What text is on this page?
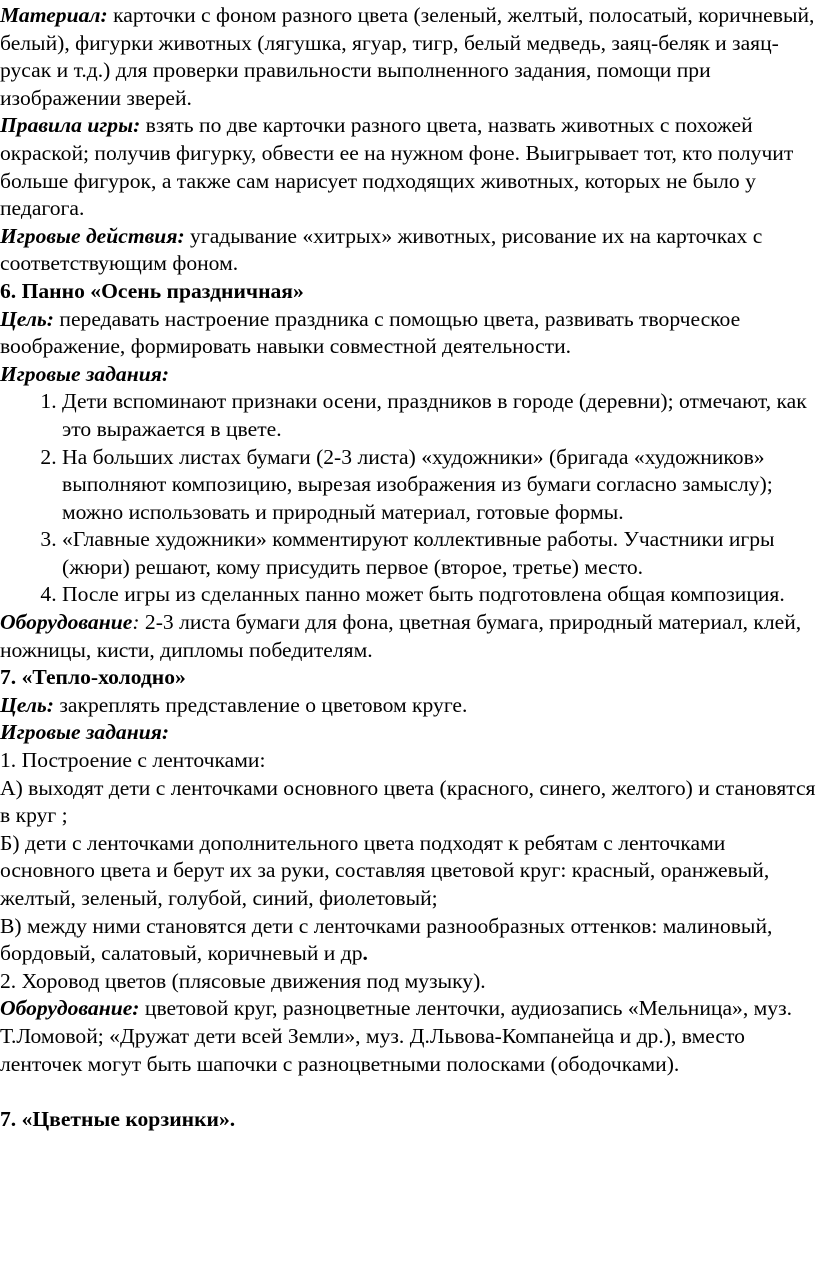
Материал: карточки с фоном разного цвета (зеленый, желтый, полосатый, коричневый, белый), фигурки животных (лягушка, ягуар, тигр, белый медведь, заяц-беляк и заяц-русак и т.д.) для проверки правильности выполненного задания, помощи при изображении зверей.

Правила игры: взять по две карточки разного цвета, назвать животных с похожей окраской; получив фигурку, обвести ее на нужном фоне. Выигрывает тот, кто получит больше фигурок, а также сам нарисует подходящих животных, которых не было у педагога.

Игровые действия: угадывание «хитрых» животных, рисование их на карточках с соответствующим фоном.

6. Панно «Осень праздничная»

Цель: передавать настроение праздника с помощью цвета, развивать творческое воображение, формировать навыки совместной деятельности.

Игровые задания:

1. Дети вспоминают признаки осени, праздников в городе (деревни); отмечают, как это выражается в цвете.
2. На больших листах бумаги (2-3 листа) «художники» (бригада «художников» выполняют композицию, вырезая изображения из бумаги согласно замыслу); можно использовать и природный материал, готовые формы.
3. «Главные художники» комментируют коллективные работы. Участники игры (жюри) решают, кому присудить первое (второе, третье) место.
4. После игры из сделанных панно может быть подготовлена общая композиция.

Оборудование: 2-3 листа бумаги для фона, цветная бумага, природный материал, клей, ножницы, кисти, дипломы победителям.

7. «Тепло-холодно»

Цель: закреплять представление о цветовом круге.

Игровые задания:

1. Построение с ленточками:

А) выходят дети с ленточками основного цвета (красного, синего, желтого) и становятся в круг ;

Б) дети с ленточками дополнительного цвета подходят к ребятам с ленточками основного цвета и берут их за руки, составляя цветовой круг: красный, оранжевый, желтый, зеленый, голубой, синий, фиолетовый;

В) между ними становятся дети с ленточками разнообразных оттенков: малиновый, бордовый, салатовый, коричневый и др.

2. Хоровод цветов (плясовые движения под музыку).

Оборудование: цветовой круг, разноцветные ленточки, аудиозапись «Мельница», муз. Т.Ломовой; «Дружат дети всей Земли», муз. Д.Львова-Компанейца и др.), вместо ленточек могут быть шапочки с разноцветными полосками (ободочками).

7. «Цветные корзинки».
